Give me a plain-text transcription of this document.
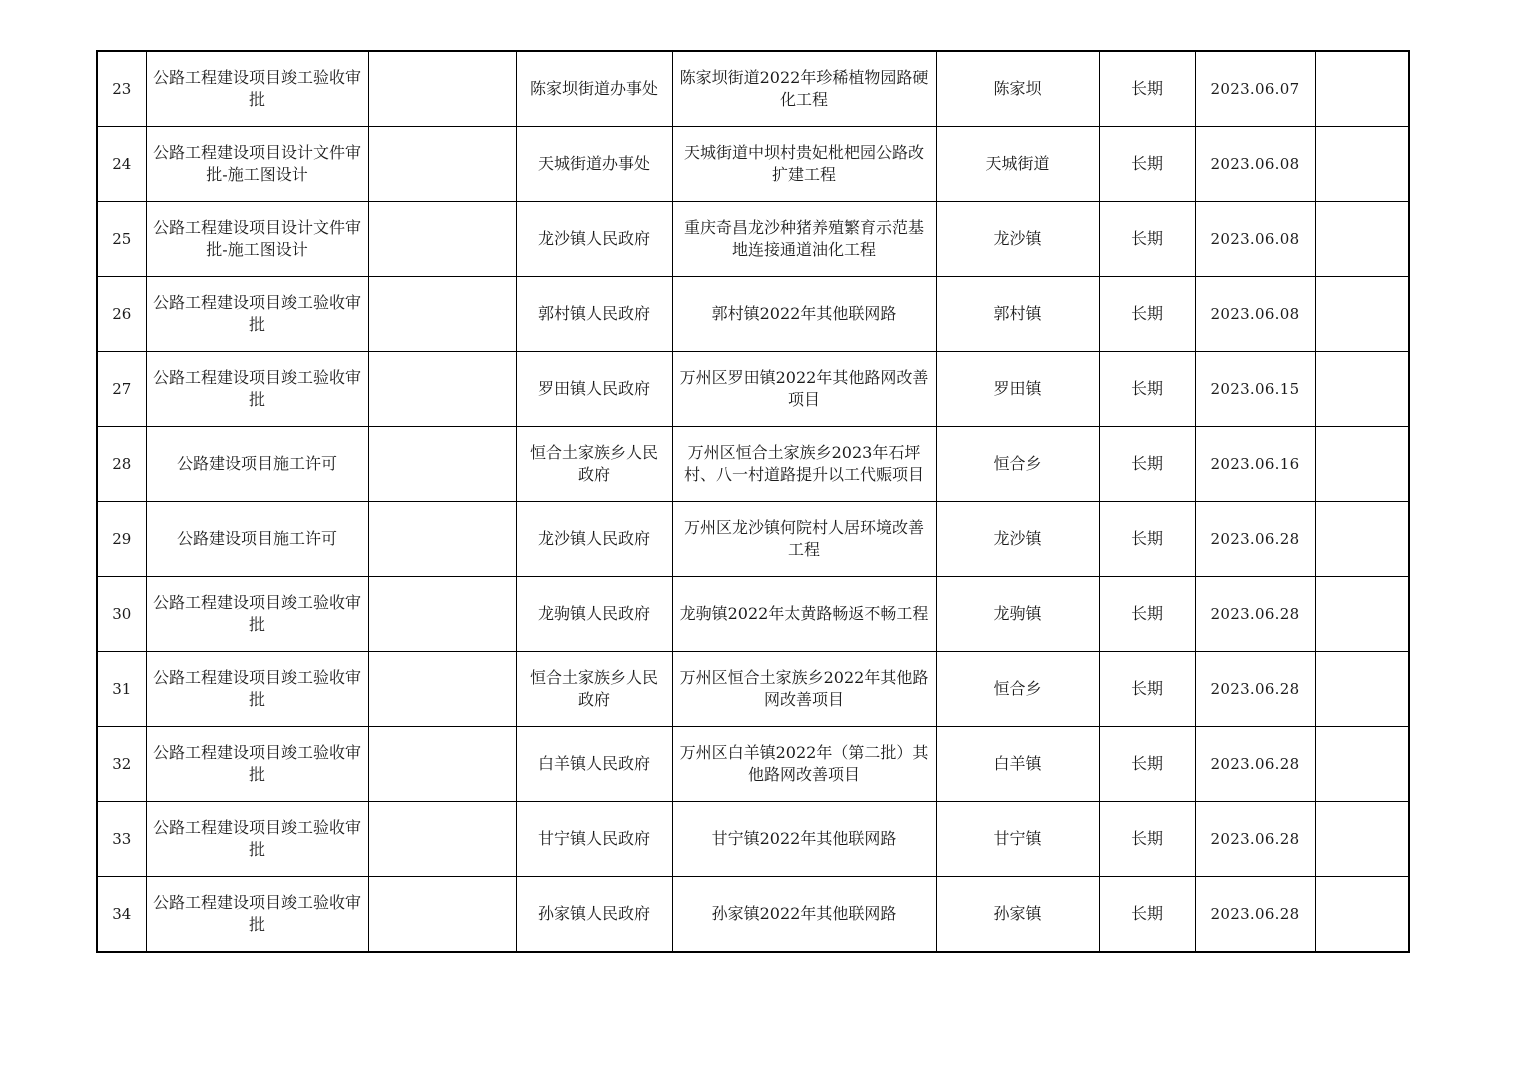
23	公路工程建设项目竣工验收审批		陈家坝街道办事处	陈家坝街道2022年珍稀植物园路硬化工程	陈家坝	长期	2023.06.07	
24	公路工程建设项目设计文件审批-施工图设计		天城街道办事处	天城街道中坝村贵妃枇杷园公路改扩建工程	天城街道	长期	2023.06.08	
25	公路工程建设项目设计文件审批-施工图设计		龙沙镇人民政府	重庆奇昌龙沙种猪养殖繁育示范基地连接通道油化工程	龙沙镇	长期	2023.06.08	
26	公路工程建设项目竣工验收审批		郭村镇人民政府	郭村镇2022年其他联网路	郭村镇	长期	2023.06.08	
27	公路工程建设项目竣工验收审批		罗田镇人民政府	万州区罗田镇2022年其他路网改善项目	罗田镇	长期	2023.06.15	
28	公路建设项目施工许可		恒合土家族乡人民政府	万州区恒合土家族乡2023年石坪村、八一村道路提升以工代赈项目	恒合乡	长期	2023.06.16	
29	公路建设项目施工许可		龙沙镇人民政府	万州区龙沙镇何院村人居环境改善工程	龙沙镇	长期	2023.06.28	
30	公路工程建设项目竣工验收审批		龙驹镇人民政府	龙驹镇2022年太黄路畅返不畅工程	龙驹镇	长期	2023.06.28	
31	公路工程建设项目竣工验收审批		恒合土家族乡人民政府	万州区恒合土家族乡2022年其他路网改善项目	恒合乡	长期	2023.06.28	
32	公路工程建设项目竣工验收审批		白羊镇人民政府	万州区白羊镇2022年（第二批）其他路网改善项目	白羊镇	长期	2023.06.28	
33	公路工程建设项目竣工验收审批		甘宁镇人民政府	甘宁镇2022年其他联网路	甘宁镇	长期	2023.06.28	
34	公路工程建设项目竣工验收审批		孙家镇人民政府	孙家镇2022年其他联网路	孙家镇	长期	2023.06.28	
